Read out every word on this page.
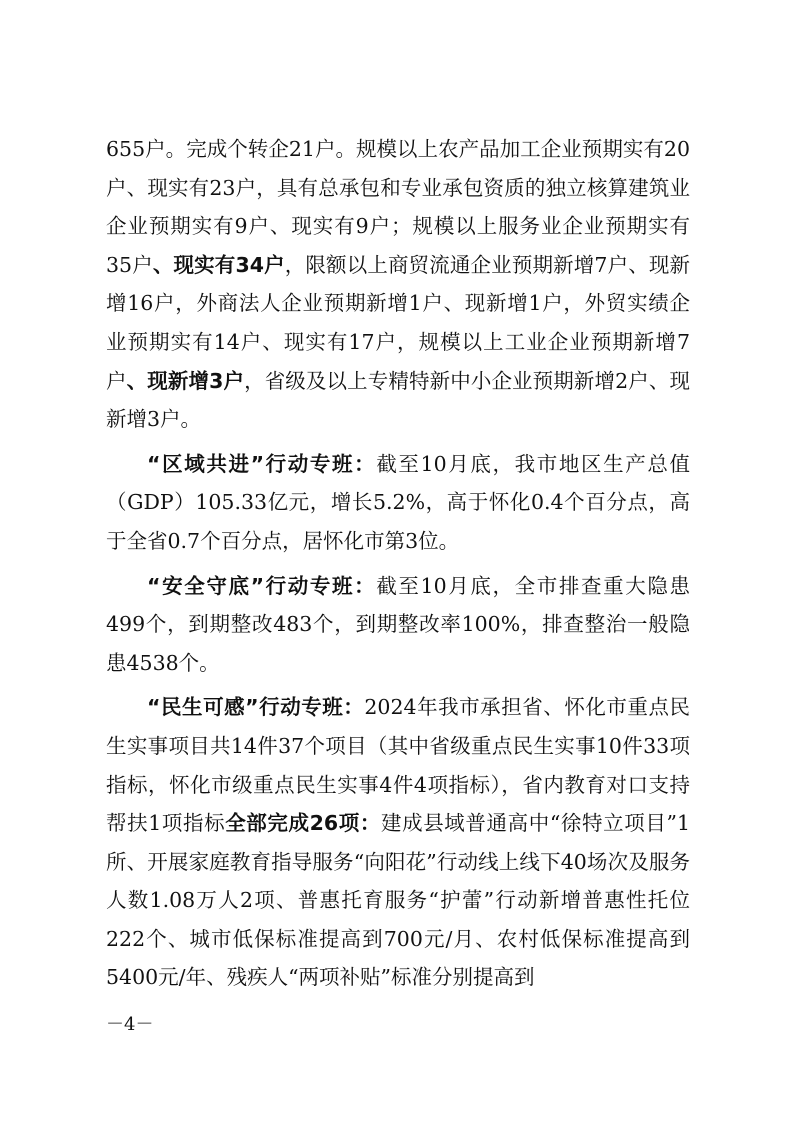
655户。完成个转企21户。规模以上农产品加工企业预期实有20户、现实有23户，具有总承包和专业承包资质的独立核算建筑业企业预期实有9户、现实有9户；规模以上服务业企业预期实有35户、现实有34户，限额以上商贸流通企业预期新增7户、现新增16户，外商法人企业预期新增1户、现新增1户，外贸实绩企业预期实有14户、现实有17户，规模以上工业企业预期新增7户、现新增3户，省级及以上专精特新中小企业预期新增2户、现新增3户。

“区域共进”行动专班：截至10月底，我市地区生产总值（GDP）105.33亿元，增长5.2%，高于怀化0.4个百分点，高于全省0.7个百分点，居怀化市第3位。

“安全守底”行动专班：截至10月底，全市排查重大隐患499个，到期整改483个，到期整改率100%，排查整治一般隐患4538个。

“民生可感”行动专班：2024年我市承担省、怀化市重点民生实事项目共14件37个项目（其中省级重点民生实事10件33项指标，怀化市级重点民生实事4件4项指标），省内教育对口支持帮扶1项指标全部完成26项：建成县域普通高中“徐特立项目”1所、开展家庭教育指导服务“向阳花”行动线上线下40场次及服务人数1.08万人2项、普惠托育服务“护蕾”行动新增普惠性托位222个、城市低保标准提高到700元/月、农村低保标准提高到5400元/年、残疾人“两项补贴”标准分别提高到

－4－
